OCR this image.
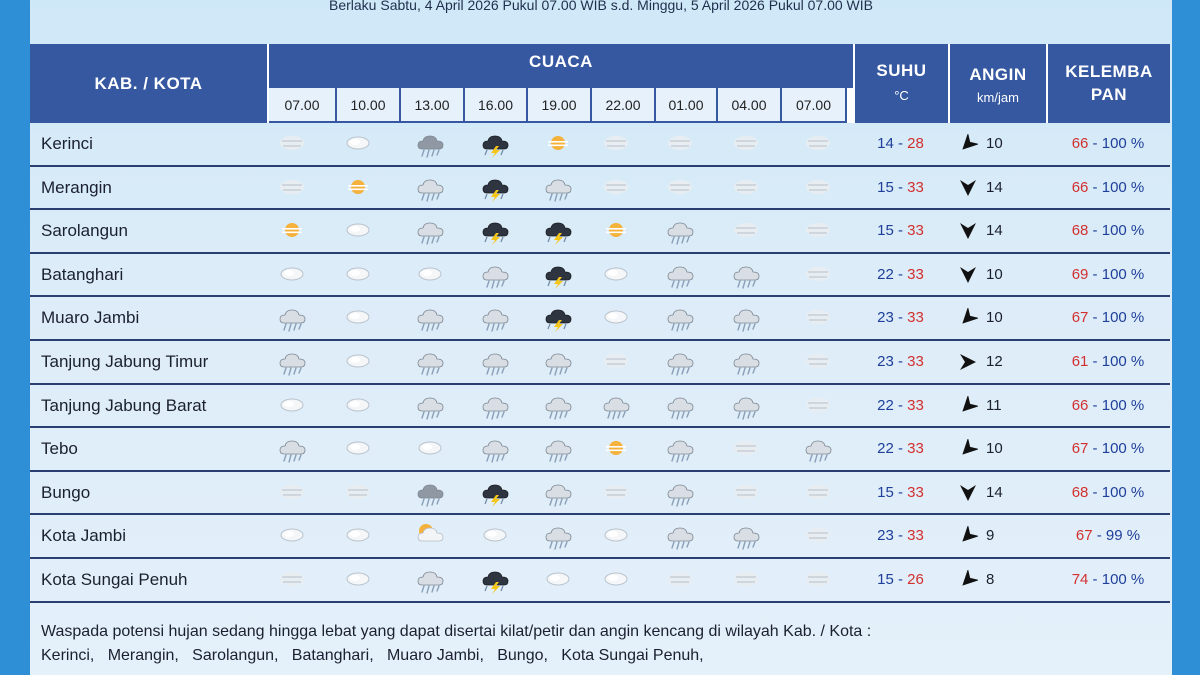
Berlaku Sabtu, 4 April 2026 Pukul 07.00 WIB s.d. Minggu, 5 April 2026 Pukul 07.00 WIB
KAB. / KOTA
CUACA
07.00	10.00	13.00	16.00	19.00	22.00	01.00	04.00	07.00
SUHU
°C
ANGIN
km/jam
KELEMBA
PAN
Kerinci	14 - 28	10	66 - 100 %
Merangin	15 - 33	14	66 - 100 %
Sarolangun	15 - 33	14	68 - 100 %
Batanghari	22 - 33	10	69 - 100 %
Muaro Jambi	23 - 33	10	67 - 100 %
Tanjung Jabung Timur	23 - 33	12	61 - 100 %
Tanjung Jabung Barat	22 - 33	11	66 - 100 %
Tebo	22 - 33	10	67 - 100 %
Bungo	15 - 33	14	68 - 100 %
Kota Jambi	23 - 33	9	67 - 99 %
Kota Sungai Penuh	15 - 26	8	74 - 100 %
Waspada potensi hujan sedang hingga lebat yang dapat disertai kilat/petir dan angin kencang di wilayah Kab. / Kota :
Kerinci,   Merangin,   Sarolangun,   Batanghari,   Muaro Jambi,   Bungo,   Kota Sungai Penuh,
